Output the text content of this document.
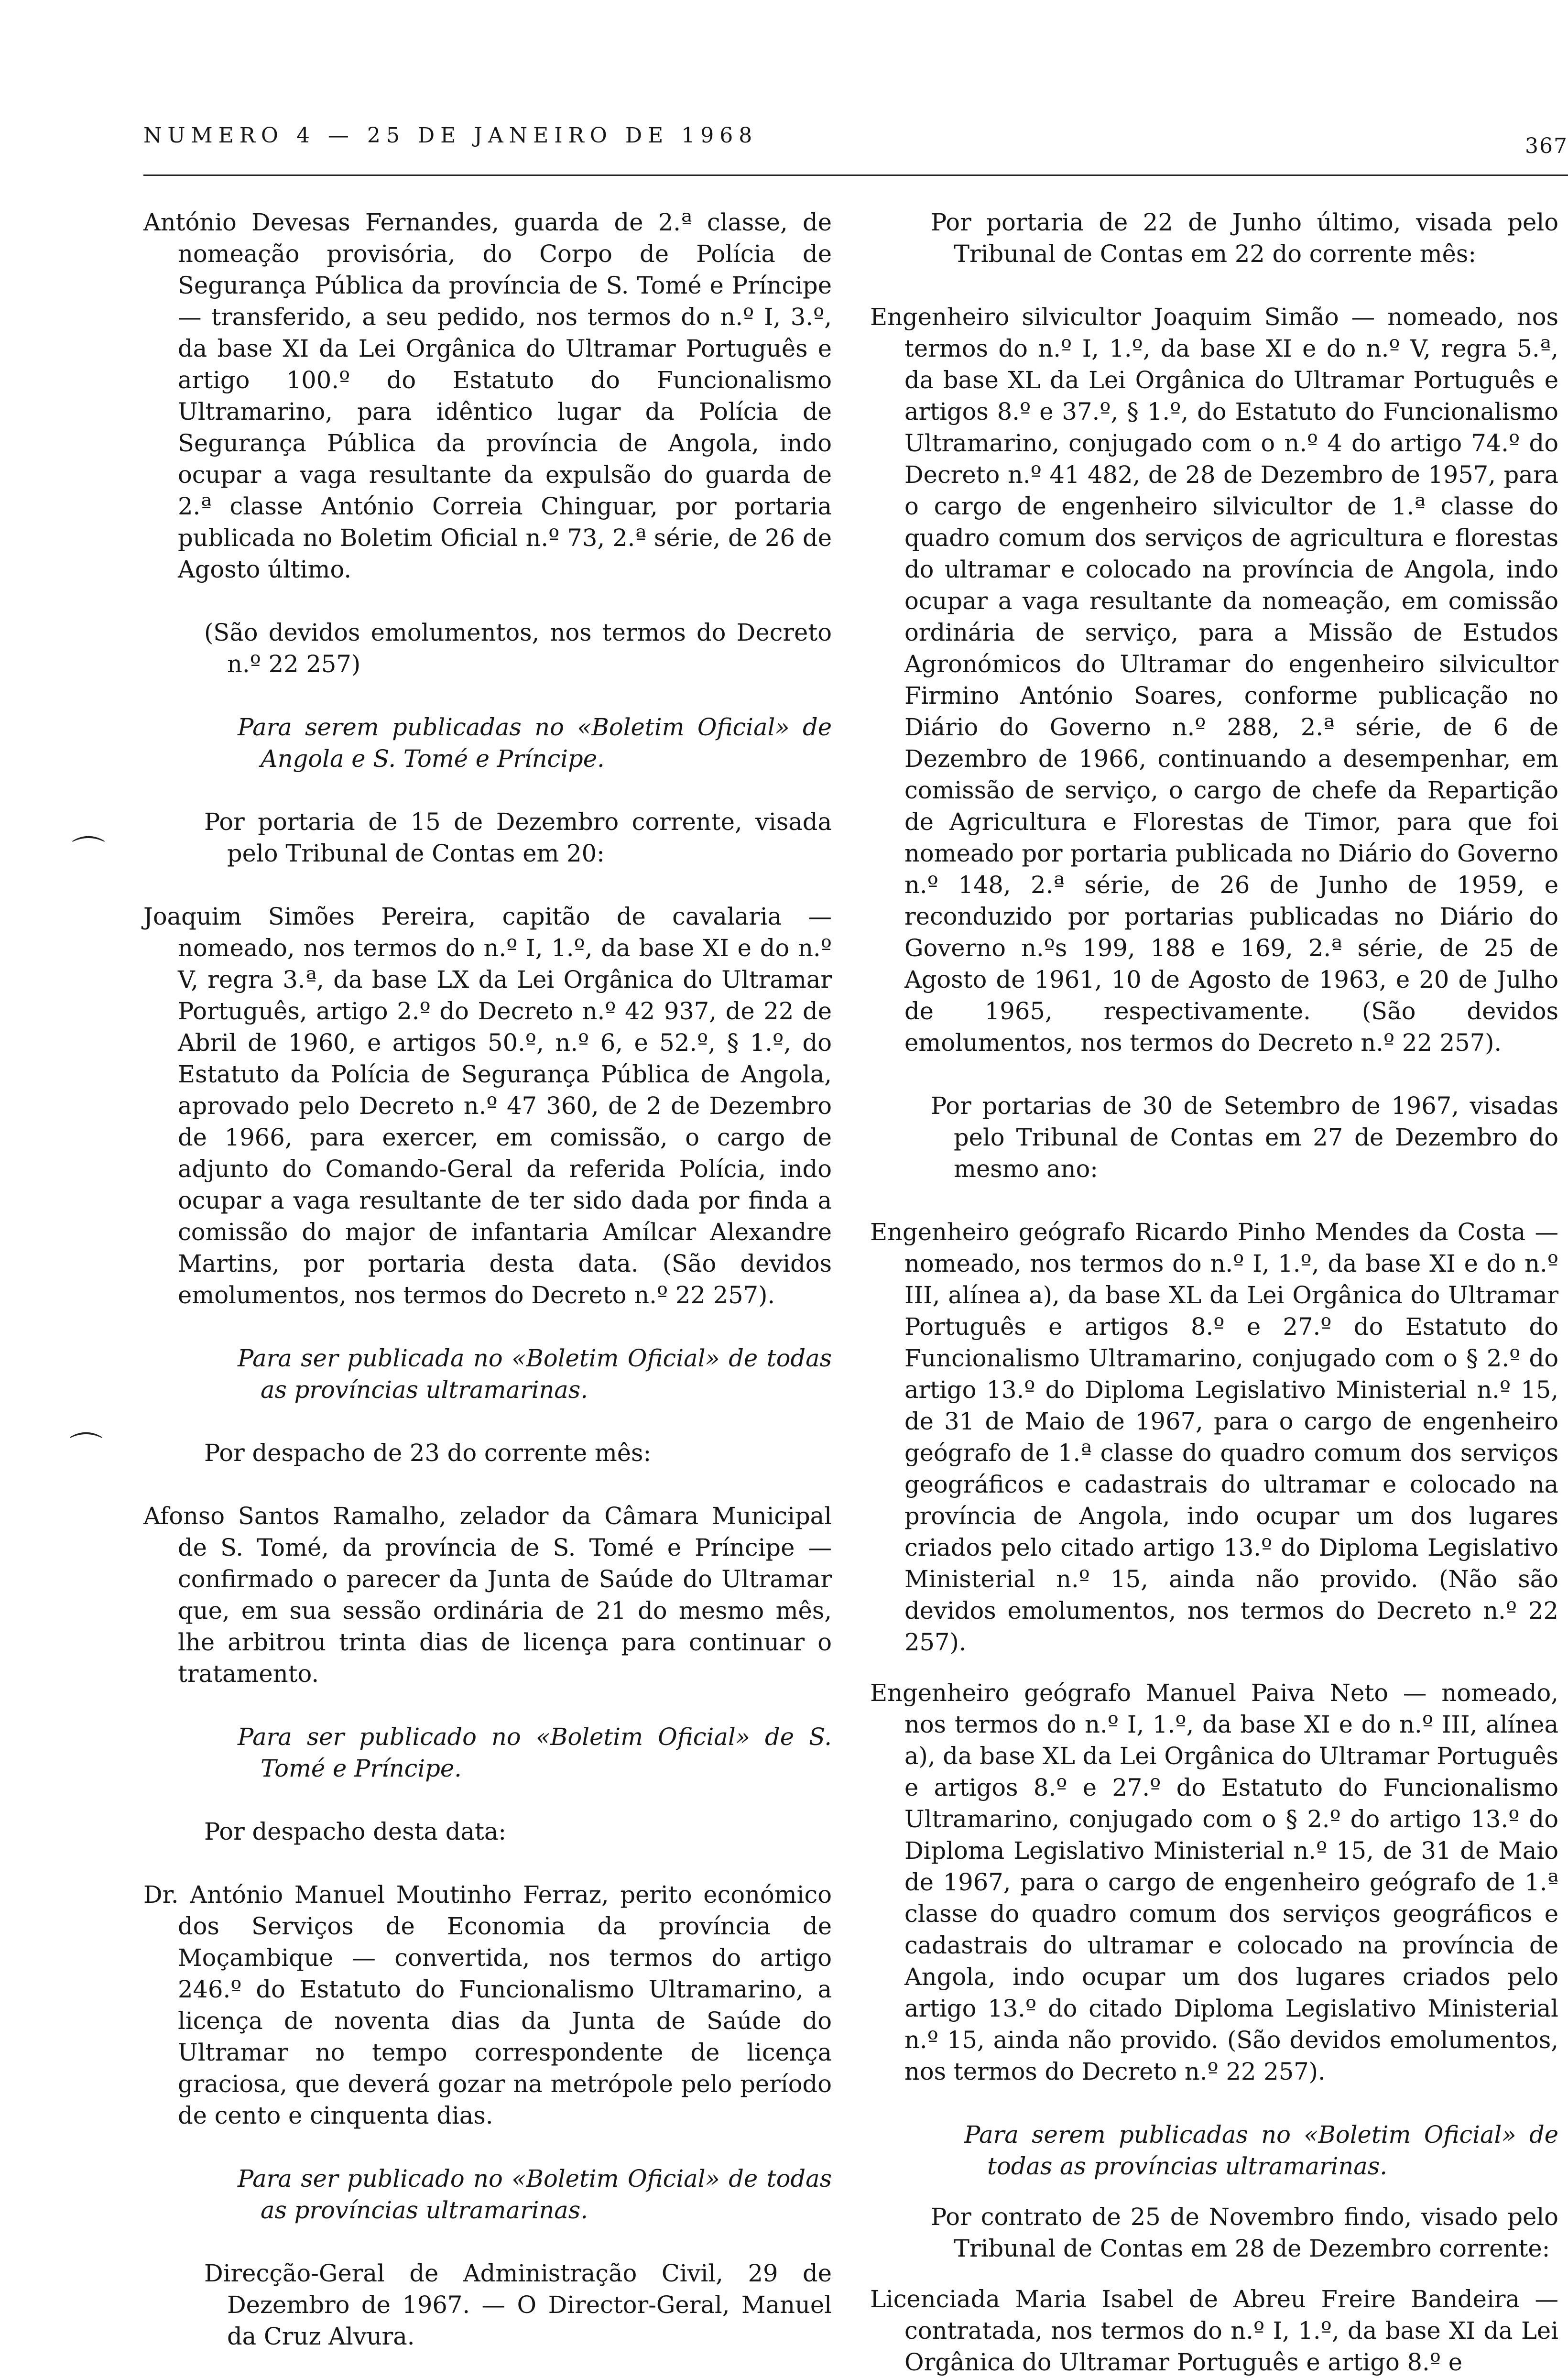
NUMERO 4 — 25 DE JANEIRO DE 1968	367

António Devesas Fernandes, guarda de 2.ª classe, de nomeação provisória, do Corpo de Polícia de Segurança Pública da província de S. Tomé e Príncipe — transferido, a seu pedido, nos termos do n.º I, 3.º, da base XI da Lei Orgânica do Ultramar Português e artigo 100.º do Estatuto do Funcionalismo Ultramarino, para idêntico lugar da Polícia de Segurança Pública da província de Angola, indo ocupar a vaga resultante da expulsão do guarda de 2.ª classe António Correia Chinguar, por portaria publicada no Boletim Oficial n.º 73, 2.ª série, de 26 de Agosto último.

(São devidos emolumentos, nos termos do Decreto n.º 22 257)

Para serem publicadas no «Boletim Oficial» de Angola e S. Tomé e Príncipe.

Por portaria de 15 de Dezembro corrente, visada pelo Tribunal de Contas em 20:

Joaquim Simões Pereira, capitão de cavalaria — nomeado, nos termos do n.º I, 1.º, da base XI e do n.º V, regra 3.ª, da base LX da Lei Orgânica do Ultramar Português, artigo 2.º do Decreto n.º 42 937, de 22 de Abril de 1960, e artigos 50.º, n.º 6, e 52.º, § 1.º, do Estatuto da Polícia de Segurança Pública de Angola, aprovado pelo Decreto n.º 47 360, de 2 de Dezembro de 1966, para exercer, em comissão, o cargo de adjunto do Comando-Geral da referida Polícia, indo ocupar a vaga resultante de ter sido dada por finda a comissão do major de infantaria Amílcar Alexandre Martins, por portaria desta data. (São devidos emolumentos, nos termos do Decreto n.º 22 257).

Para ser publicada no «Boletim Oficial» de todas as províncias ultramarinas.

Por despacho de 23 do corrente mês:

Afonso Santos Ramalho, zelador da Câmara Municipal de S. Tomé, da província de S. Tomé e Príncipe — confirmado o parecer da Junta de Saúde do Ultramar que, em sua sessão ordinária de 21 do mesmo mês, lhe arbitrou trinta dias de licença para continuar o tratamento.

Para ser publicado no «Boletim Oficial» de S. Tomé e Príncipe.

Por despacho desta data:

Dr. António Manuel Moutinho Ferraz, perito económico dos Serviços de Economia da província de Moçambique — convertida, nos termos do artigo 246.º do Estatuto do Funcionalismo Ultramarino, a licença de noventa dias da Junta de Saúde do Ultramar no tempo correspondente de licença graciosa, que deverá gozar na metrópole pelo período de cento e cinquenta dias.

Para ser publicado no «Boletim Oficial» de todas as províncias ultramarinas.

Direcção-Geral de Administração Civil, 29 de Dezembro de 1967. — O Director-Geral, Manuel da Cruz Alvura.

Por portaria de 22 de Junho último, visada pelo Tribunal de Contas em 22 do corrente mês:

Engenheiro silvicultor Joaquim Simão — nomeado, nos termos do n.º I, 1.º, da base XI e do n.º V, regra 5.ª, da base XL da Lei Orgânica do Ultramar Português e artigos 8.º e 37.º, § 1.º, do Estatuto do Funcionalismo Ultramarino, conjugado com o n.º 4 do artigo 74.º do Decreto n.º 41 482, de 28 de Dezembro de 1957, para o cargo de engenheiro silvicultor de 1.ª classe do quadro comum dos serviços de agricultura e florestas do ultramar e colocado na província de Angola, indo ocupar a vaga resultante da nomeação, em comissão ordinária de serviço, para a Missão de Estudos Agronómicos do Ultramar do engenheiro silvicultor Firmino António Soares, conforme publicação no Diário do Governo n.º 288, 2.ª série, de 6 de Dezembro de 1966, continuando a desempenhar, em comissão de serviço, o cargo de chefe da Repartição de Agricultura e Florestas de Timor, para que foi nomeado por portaria publicada no Diário do Governo n.º 148, 2.ª série, de 26 de Junho de 1959, e reconduzido por portarias publicadas no Diário do Governo n.ºs 199, 188 e 169, 2.ª série, de 25 de Agosto de 1961, 10 de Agosto de 1963, e 20 de Julho de 1965, respectivamente. (São devidos emolumentos, nos termos do Decreto n.º 22 257).

Por portarias de 30 de Setembro de 1967, visadas pelo Tribunal de Contas em 27 de Dezembro do mesmo ano:

Engenheiro geógrafo Ricardo Pinho Mendes da Costa — nomeado, nos termos do n.º I, 1.º, da base XI e do n.º III, alínea a), da base XL da Lei Orgânica do Ultramar Português e artigos 8.º e 27.º do Estatuto do Funcionalismo Ultramarino, conjugado com o § 2.º do artigo 13.º do Diploma Legislativo Ministerial n.º 15, de 31 de Maio de 1967, para o cargo de engenheiro geógrafo de 1.ª classe do quadro comum dos serviços geográficos e cadastrais do ultramar e colocado na província de Angola, indo ocupar um dos lugares criados pelo citado artigo 13.º do Diploma Legislativo Ministerial n.º 15, ainda não provido. (Não são devidos emolumentos, nos termos do Decreto n.º 22 257).

Engenheiro geógrafo Manuel Paiva Neto — nomeado, nos termos do n.º I, 1.º, da base XI e do n.º III, alínea a), da base XL da Lei Orgânica do Ultramar Português e artigos 8.º e 27.º do Estatuto do Funcionalismo Ultramarino, conjugado com o § 2.º do artigo 13.º do Diploma Legislativo Ministerial n.º 15, de 31 de Maio de 1967, para o cargo de engenheiro geógrafo de 1.ª classe do quadro comum dos serviços geográficos e cadastrais do ultramar e colocado na província de Angola, indo ocupar um dos lugares criados pelo artigo 13.º do citado Diploma Legislativo Ministerial n.º 15, ainda não provido. (São devidos emolumentos, nos termos do Decreto n.º 22 257).

Para serem publicadas no «Boletim Oficial» de todas as províncias ultramarinas.

Por contrato de 25 de Novembro findo, visado pelo Tribunal de Contas em 28 de Dezembro corrente:

Licenciada Maria Isabel de Abreu Freire Bandeira — contratada, nos termos do n.º I, 1.º, da base XI da Lei Orgânica do Ultramar Português e artigo 8.º e

⌒
⌒
